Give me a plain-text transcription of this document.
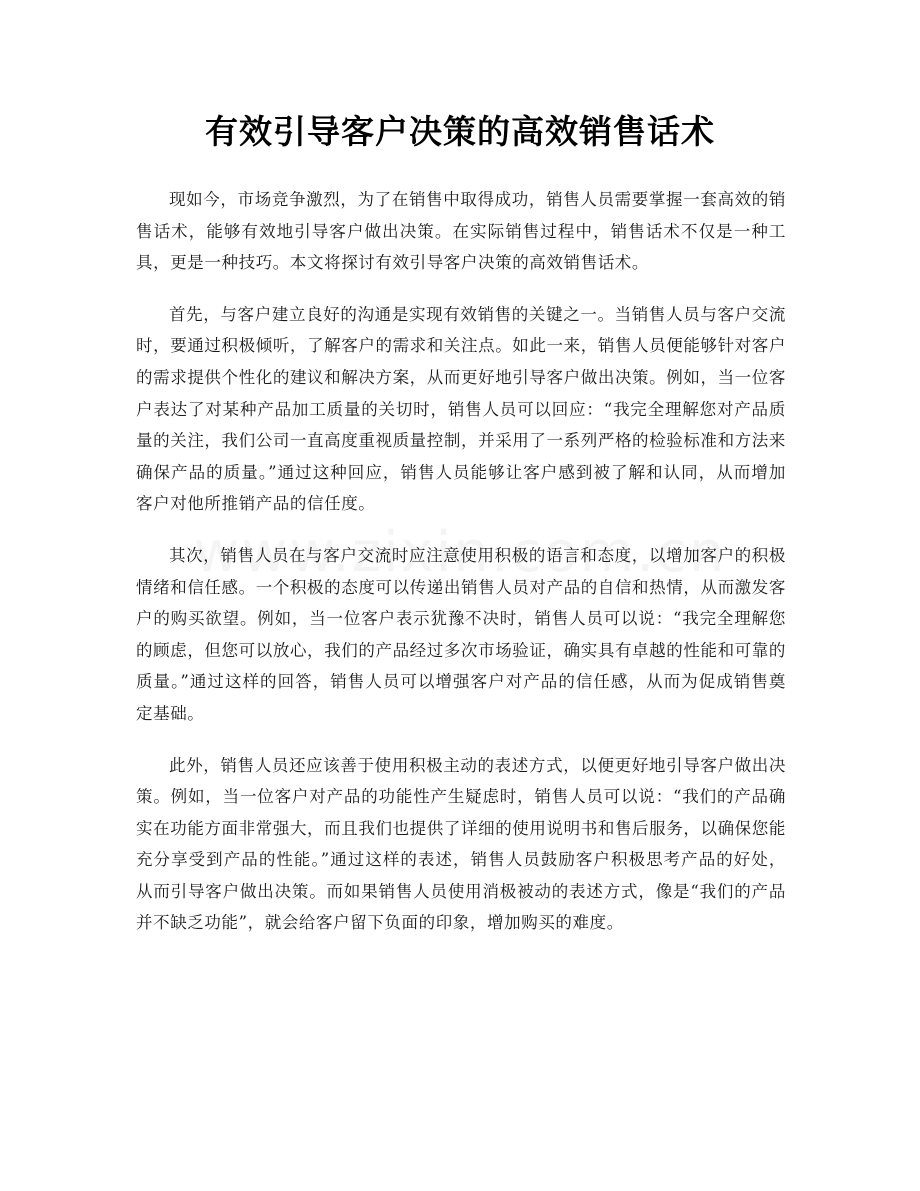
有效引导客户决策的高效销售话术

现如今，市场竞争激烈，为了在销售中取得成功，销售人员需要掌握一套高效的销售话术，能够有效地引导客户做出决策。在实际销售过程中，销售话术不仅是一种工具，更是一种技巧。本文将探讨有效引导客户决策的高效销售话术。

首先，与客户建立良好的沟通是实现有效销售的关键之一。当销售人员与客户交流时，要通过积极倾听，了解客户的需求和关注点。如此一来，销售人员便能够针对客户的需求提供个性化的建议和解决方案，从而更好地引导客户做出决策。例如，当一位客户表达了对某种产品加工质量的关切时，销售人员可以回应：“我完全理解您对产品质量的关注，我们公司一直高度重视质量控制，并采用了一系列严格的检验标准和方法来确保产品的质量。”通过这种回应，销售人员能够让客户感到被了解和认同，从而增加客户对他所推销产品的信任度。

其次，销售人员在与客户交流时应注意使用积极的语言和态度，以增加客户的积极情绪和信任感。一个积极的态度可以传递出销售人员对产品的自信和热情，从而激发客户的购买欲望。例如，当一位客户表示犹豫不决时，销售人员可以说：“我完全理解您的顾虑，但您可以放心，我们的产品经过多次市场验证，确实具有卓越的性能和可靠的质量。”通过这样的回答，销售人员可以增强客户对产品的信任感，从而为促成销售奠定基础。

此外，销售人员还应该善于使用积极主动的表述方式，以便更好地引导客户做出决策。例如，当一位客户对产品的功能性产生疑虑时，销售人员可以说：“我们的产品确实在功能方面非常强大，而且我们也提供了详细的使用说明书和售后服务，以确保您能充分享受到产品的性能。”通过这样的表述，销售人员鼓励客户积极思考产品的好处，从而引导客户做出决策。而如果销售人员使用消极被动的表述方式，像是“我们的产品并不缺乏功能”，就会给客户留下负面的印象，增加购买的难度。
